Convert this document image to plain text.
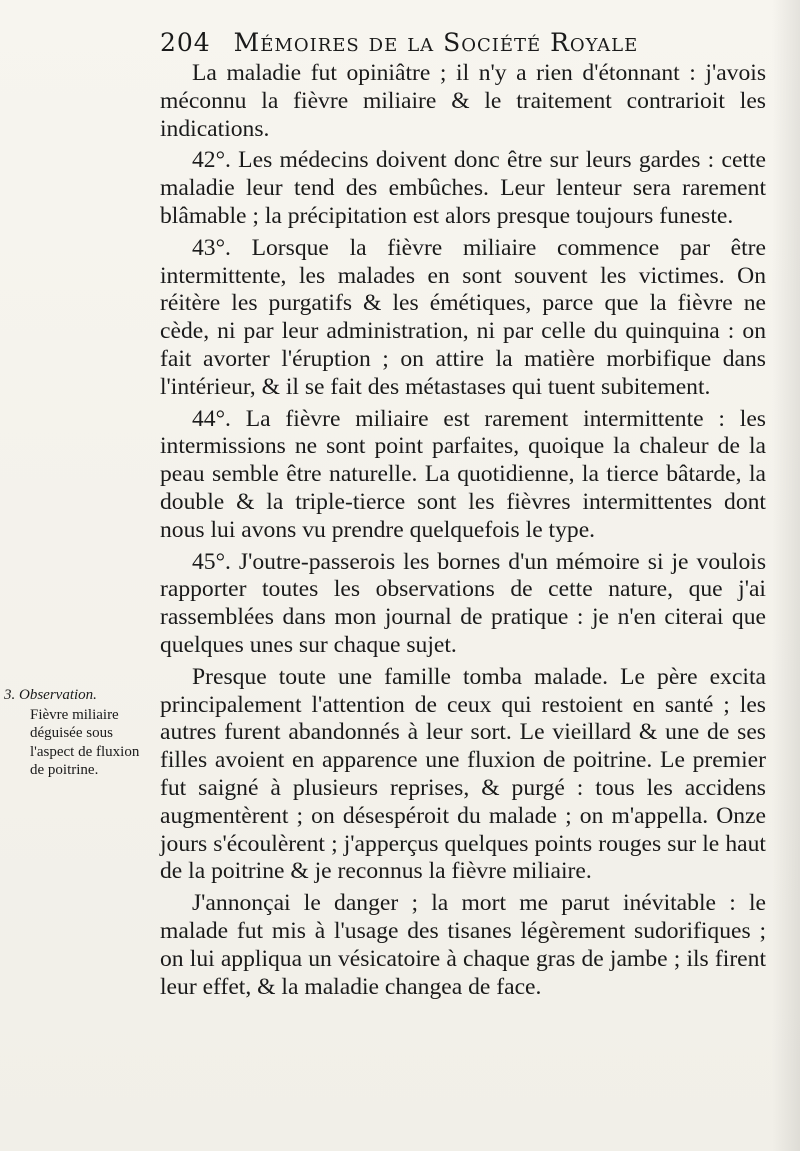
204 Mémoires de la Société Royale

La maladie fut opiniâtre ; il n'y a rien d'étonnant : j'avois méconnu la fièvre miliaire & le traitement contrarioit les indications.

42°. Les médecins doivent donc être sur leurs gardes : cette maladie leur tend des embûches. Leur lenteur sera rarement blâmable ; la précipitation est alors presque toujours funeste.

43°. Lorsque la fièvre miliaire commence par être intermittente, les malades en sont souvent les victimes. On réitère les purgatifs & les émétiques, parce que la fièvre ne cède, ni par leur administration, ni par celle du quinquina : on fait avorter l'éruption ; on attire la matière morbifique dans l'intérieur, & il se fait des métastases qui tuent subitement.

44°. La fièvre miliaire est rarement intermittente : les intermissions ne sont point parfaites, quoique la chaleur de la peau semble être naturelle. La quotidienne, la tierce bâtarde, la double & la triple-tierce sont les fièvres intermittentes dont nous lui avons vu prendre quelquefois le type.

45°. J'outre-passerois les bornes d'un mémoire si je voulois rapporter toutes les observations de cette nature, que j'ai rassemblées dans mon journal de pratique : je n'en citerai que quelques unes sur chaque sujet.

Presque toute une famille tomba malade. Le père excita principalement l'attention de ceux qui restoient en santé ; les autres furent abandonnés à leur sort. Le vieillard & une de ses filles avoient en apparence une fluxion de poitrine. Le premier fut saigné à plusieurs reprises, & purgé : tous les accidens augmentèrent ; on désespéroit du malade ; on m'appella. Onze jours s'écoulèrent ; j'apperçus quelques points rouges sur le haut de la poitrine & je reconnus la fièvre miliaire.

J'annonçai le danger ; la mort me parut inévitable : le malade fut mis à l'usage des tisanes légèrement sudorifiques ; on lui appliqua un vésicatoire à chaque gras de jambe ; ils firent leur effet, & la maladie changea de face.

3. Observation.
Fièvre miliaire déguisée sous l'aspect de fluxion de poitrine.
